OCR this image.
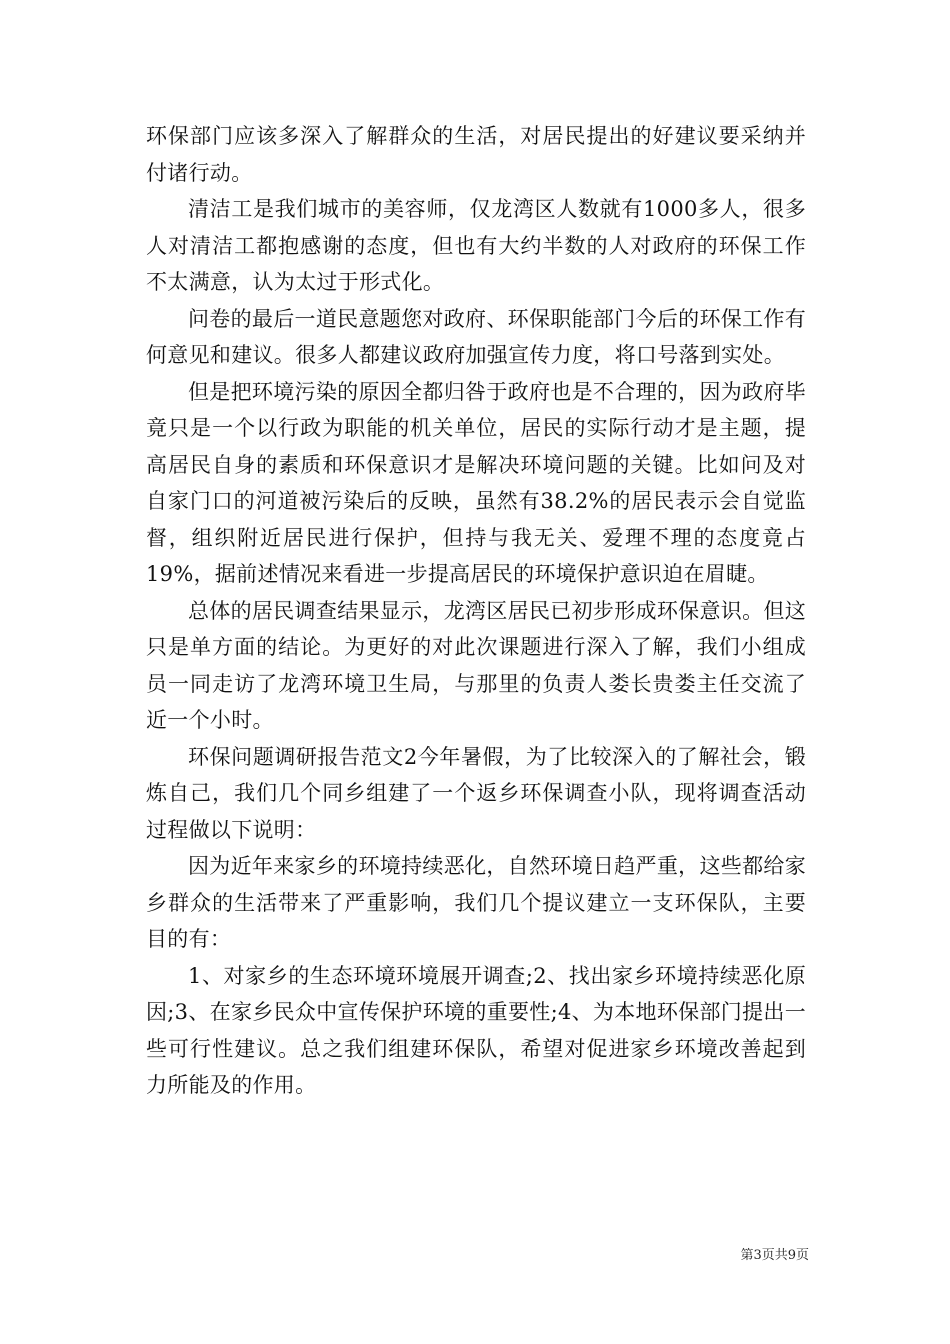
环保部门应该多深入了解群众的生活，对居民提出的好建议要采纳并付诸行动。

清洁工是我们城市的美容师，仅龙湾区人数就有1000多人，很多人对清洁工都抱感谢的态度，但也有大约半数的人对政府的环保工作不太满意，认为太过于形式化。

问卷的最后一道民意题您对政府、环保职能部门今后的环保工作有何意见和建议。很多人都建议政府加强宣传力度，将口号落到实处。

但是把环境污染的原因全都归咎于政府也是不合理的，因为政府毕竟只是一个以行政为职能的机关单位，居民的实际行动才是主题，提高居民自身的素质和环保意识才是解决环境问题的关键。比如问及对自家门口的河道被污染后的反映，虽然有38.2%的居民表示会自觉监督，组织附近居民进行保护，但持与我无关、爱理不理的态度竟占19%，据前述情况来看进一步提高居民的环境保护意识迫在眉睫。

总体的居民调查结果显示，龙湾区居民已初步形成环保意识。但这只是单方面的结论。为更好的对此次课题进行深入了解，我们小组成员一同走访了龙湾环境卫生局，与那里的负责人娄长贵娄主任交流了近一个小时。

环保问题调研报告范文2今年暑假，为了比较深入的了解社会，锻炼自己，我们几个同乡组建了一个返乡环保调查小队，现将调查活动过程做以下说明：

因为近年来家乡的环境持续恶化，自然环境日趋严重，这些都给家乡群众的生活带来了严重影响，我们几个提议建立一支环保队，主要目的有：

1、对家乡的生态环境环境展开调查;2、找出家乡环境持续恶化原因;3、在家乡民众中宣传保护环境的重要性;4、为本地环保部门提出一些可行性建议。总之我们组建环保队，希望对促进家乡环境改善起到力所能及的作用。

第3页共9页
